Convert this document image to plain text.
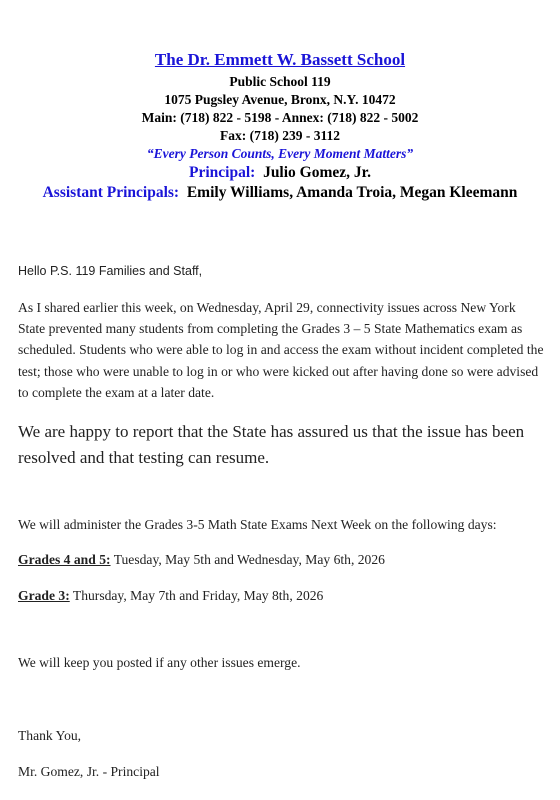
The Dr. Emmett W. Bassett School
Public School 119
1075 Pugsley Avenue, Bronx, N.Y. 10472
Main: (718) 822 - 5198 - Annex: (718) 822 - 5002
Fax: (718) 239 - 3112
“Every Person Counts, Every Moment Matters”
Principal: Julio Gomez, Jr.
Assistant Principals: Emily Williams, Amanda Troia, Megan Kleemann

Hello P.S. 119 Families and Staff,

As I shared earlier this week, on Wednesday, April 29, connectivity issues across New York State prevented many students from completing the Grades 3 – 5 State Mathematics exam as scheduled. Students who were able to log in and access the exam without incident completed the test; those who were unable to log in or who were kicked out after having done so were advised to complete the exam at a later date.

We are happy to report that the State has assured us that the issue has been resolved and that testing can resume.

We will administer the Grades 3-5 Math State Exams Next Week on the following days:

Grades 4 and 5: Tuesday, May 5th and Wednesday, May 6th, 2026

Grade 3: Thursday, May 7th and Friday, May 8th, 2026

We will keep you posted if any other issues emerge.

Thank You,

Mr. Gomez, Jr. - Principal
